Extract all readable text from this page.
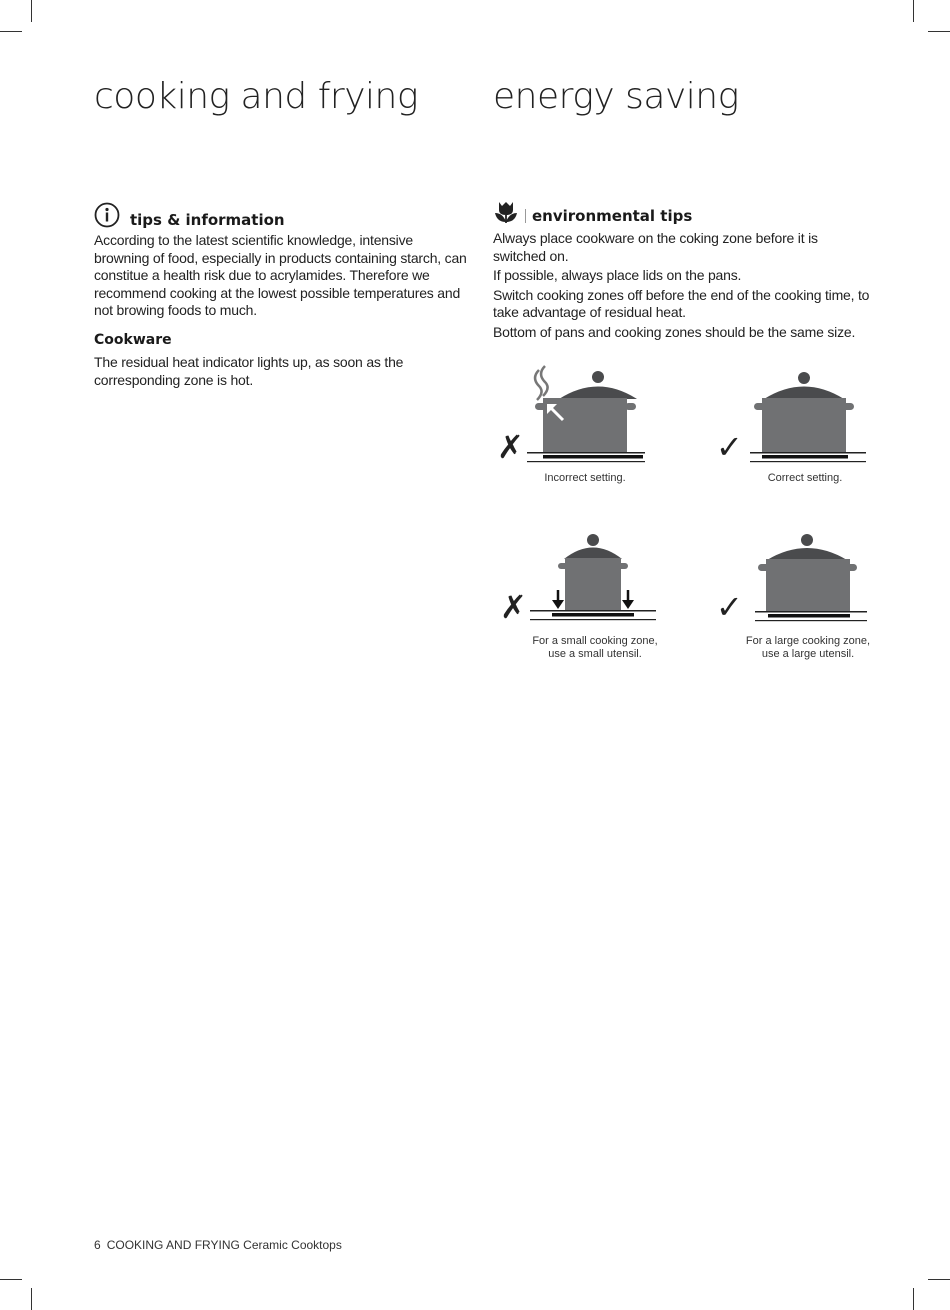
cooking and frying
tips & information

According to the latest scientific knowledge, intensive browning of food, especially in products containing starch, can constitue a health risk due to acrylamides. Therefore we recommend cooking at the lowest possible temperatures and not browing foods to much.

Cookware

The residual heat indicator lights up, as soon as the corresponding zone is hot.

energy saving
environmental tips

Always place cookware on the coking zone before it is switched on.

If possible, always place lids on the pans.

Switch cooking zones off before the end of the cooking time, to take advantage of residual heat.

Bottom of pans and cooking zones should be the same size.

✗
Incorrect setting.
✓
Correct setting.
✗
For a small cooking zone,
use a small utensil.
✓
For a large cooking zone,
use a large utensil.
6 COOKING AND FRYING Ceramic Cooktops
